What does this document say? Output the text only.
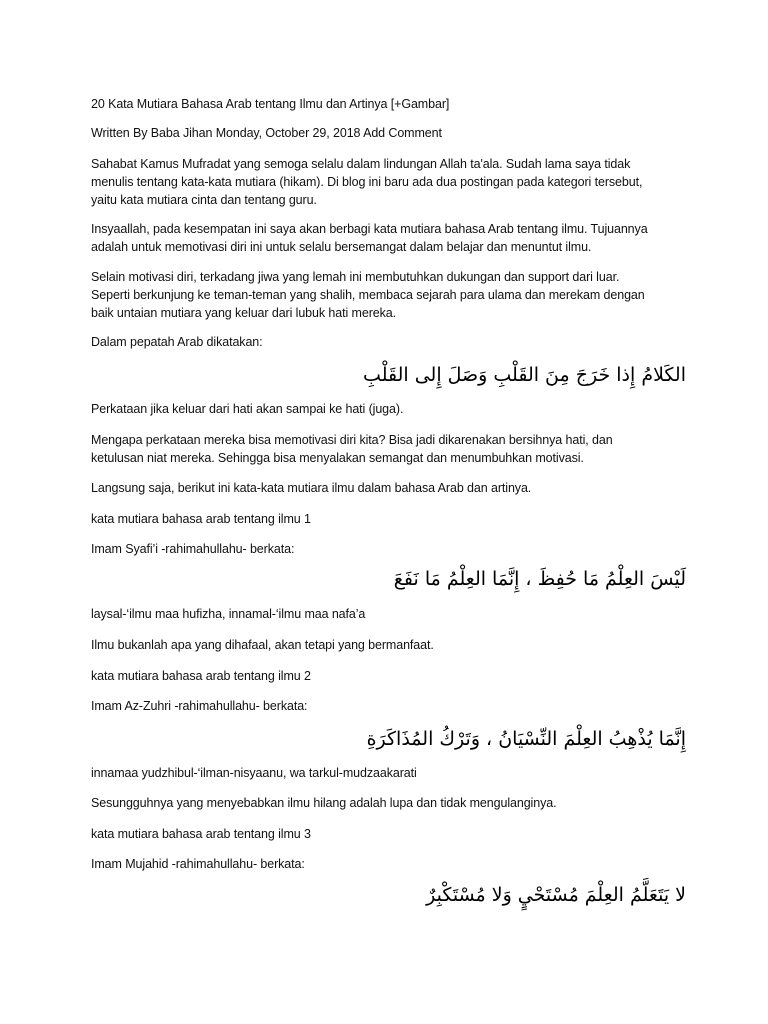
20 Kata Mutiara Bahasa Arab tentang Ilmu dan Artinya [+Gambar]

Written By Baba Jihan Monday, October 29, 2018 Add Comment

Sahabat Kamus Mufradat yang semoga selalu dalam lindungan Allah ta'ala. Sudah lama saya tidak
menulis tentang kata-kata mutiara (hikam). Di blog ini baru ada dua postingan pada kategori tersebut,
yaitu kata mutiara cinta dan tentang guru.

Insyaallah, pada kesempatan ini saya akan berbagi kata mutiara bahasa Arab tentang ilmu. Tujuannya
adalah untuk memotivasi diri ini untuk selalu bersemangat dalam belajar dan menuntut ilmu.

Selain motivasi diri, terkadang jiwa yang lemah ini membutuhkan dukungan dan support dari luar.
Seperti berkunjung ke teman-teman yang shalih, membaca sejarah para ulama dan merekam dengan
baik untaian mutiara yang keluar dari lubuk hati mereka.

Dalam pepatah Arab dikatakan:

الكَلامُ إِذا خَرَجَ مِنَ القَلْبِ وَصَلَ إِلى القَلْبِ

Perkataan jika keluar dari hati akan sampai ke hati (juga).

Mengapa perkataan mereka bisa memotivasi diri kita? Bisa jadi dikarenakan bersihnya hati, dan
ketulusan niat mereka. Sehingga bisa menyalakan semangat dan menumbuhkan motivasi.

Langsung saja, berikut ini kata-kata mutiara ilmu dalam bahasa Arab dan artinya.

kata mutiara bahasa arab tentang ilmu 1

Imam Syafi’i -rahimahullahu- berkata:

لَيْسَ العِلْمُ مَا حُفِظَ ، إِنَّمَا العِلْمُ مَا نَفَعَ

laysal-‘ilmu maa hufizha, innamal-‘ilmu maa nafa’a

Ilmu bukanlah apa yang dihafaal, akan tetapi yang bermanfaat.

kata mutiara bahasa arab tentang ilmu 2

Imam Az-Zuhri -rahimahullahu- berkata:

إِنَّمَا يُذْهِبُ العِلْمَ النِّسْيَانُ ، وَتَرْكُ المُذَاكَرَةِ

innamaa yudzhibul-‘ilman-nisyaanu, wa tarkul-mudzaakarati

Sesungguhnya yang menyebabkan ilmu hilang adalah lupa dan tidak mengulanginya.

kata mutiara bahasa arab tentang ilmu 3

Imam Mujahid -rahimahullahu- berkata:

لا يَتَعَلَّمُ العِلْمَ مُسْتَحْيٍ وَلا مُسْتَكْبِرٌ
